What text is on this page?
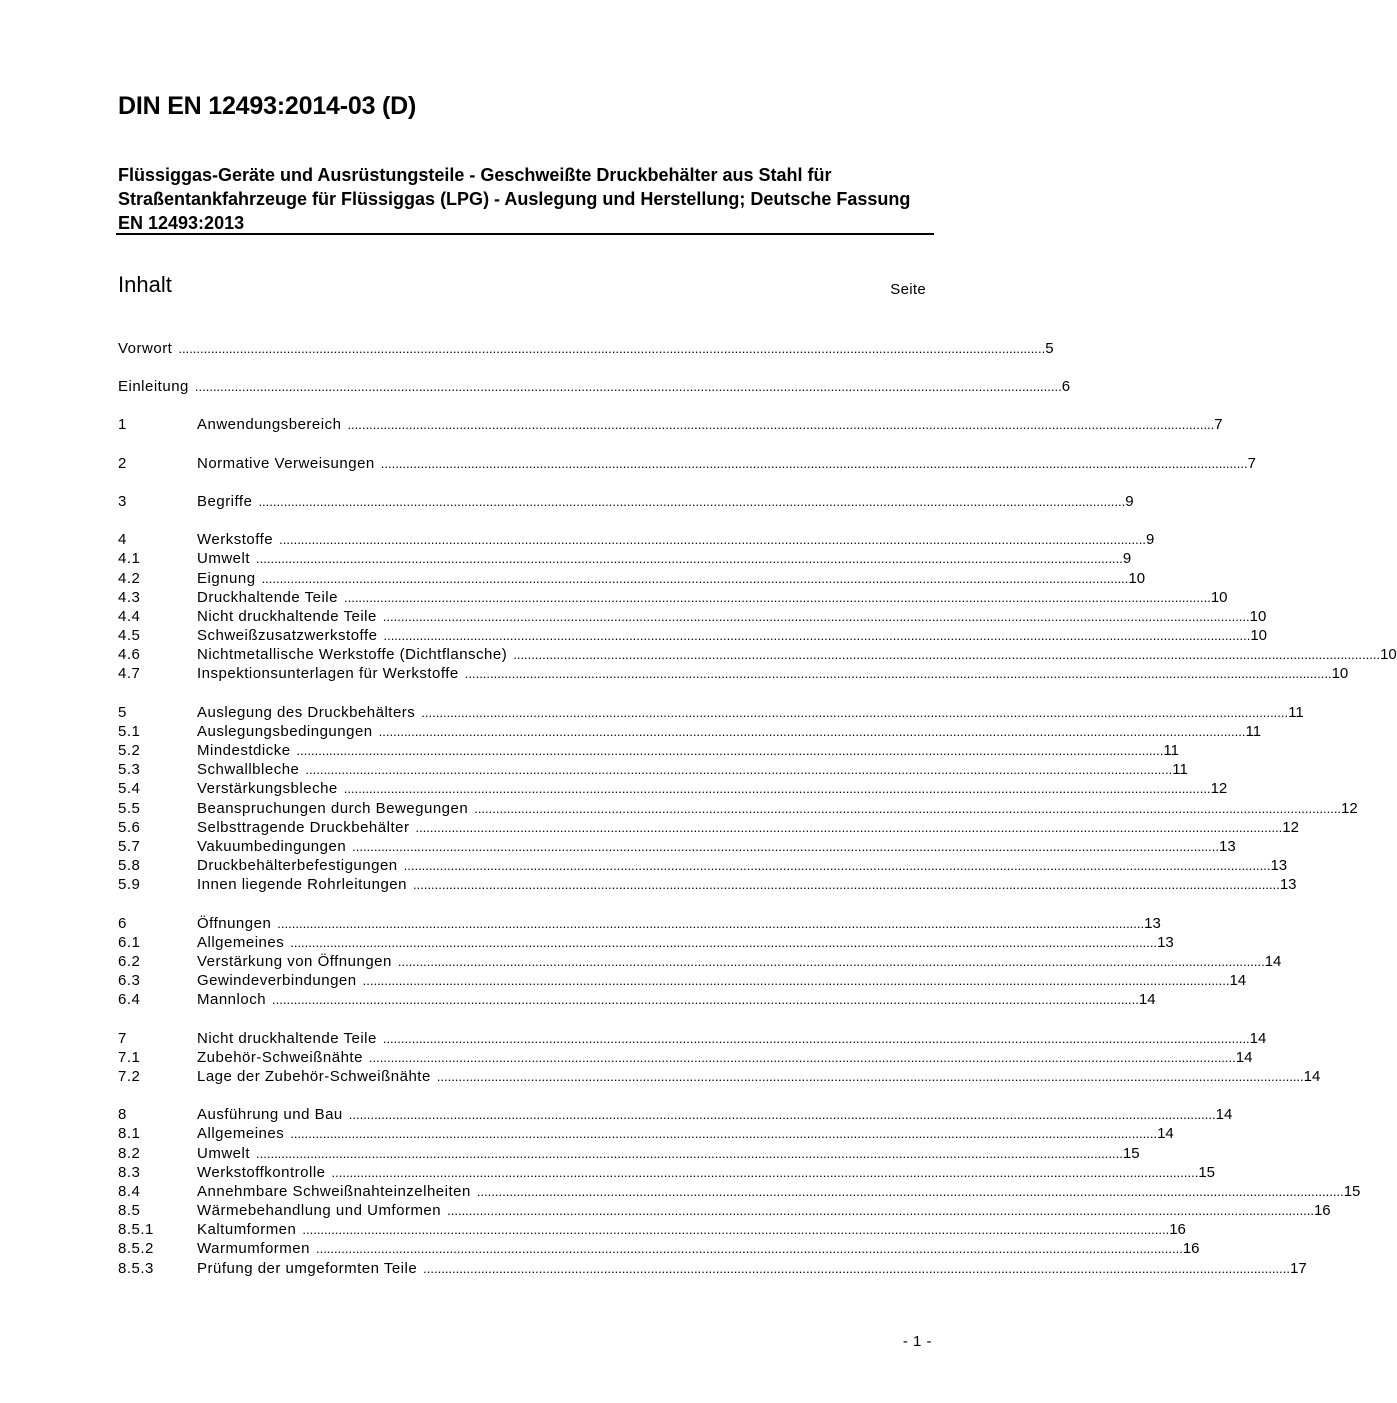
DIN EN 12493:2014-03 (D)
Flüssiggas-Geräte und Ausrüstungsteile - Geschweißte Druckbehälter aus Stahl für Straßentankfahrzeuge für Flüssiggas (LPG) - Auslegung und Herstellung; Deutsche Fassung EN 12493:2013
Inhalt	Seite
Vorwort .....	5
Einleitung .....	6
1	Anwendungsbereich .....	7
2	Normative Verweisungen .....	7
3	Begriffe .....	9
4	Werkstoffe .....	9
4.1	Umwelt .....	9
4.2	Eignung .....	10
4.3	Druckhaltende Teile .....	10
4.4	Nicht druckhaltende Teile .....	10
4.5	Schweißzusatzwerkstoffe .....	10
4.6	Nichtmetallische Werkstoffe (Dichtflansche) .....	10
4.7	Inspektionsunterlagen für Werkstoffe .....	10
5	Auslegung des Druckbehälters .....	11
5.1	Auslegungsbedingungen .....	11
5.2	Mindestdicke .....	11
5.3	Schwallbleche .....	11
5.4	Verstärkungsbleche .....	12
5.5	Beanspruchungen durch Bewegungen .....	12
5.6	Selbsttragende Druckbehälter .....	12
5.7	Vakuumbedingungen .....	13
5.8	Druckbehälterbefestigungen .....	13
5.9	Innen liegende Rohrleitungen .....	13
6	Öffnungen .....	13
6.1	Allgemeines .....	13
6.2	Verstärkung von Öffnungen .....	14
6.3	Gewindeverbindungen .....	14
6.4	Mannloch .....	14
7	Nicht druckhaltende Teile .....	14
7.1	Zubehör-Schweißnähte .....	14
7.2	Lage der Zubehör-Schweißnähte .....	14
8	Ausführung und Bau .....	14
8.1	Allgemeines .....	14
8.2	Umwelt .....	15
8.3	Werkstoffkontrolle .....	15
8.4	Annehmbare Schweißnahteinzelheiten .....	15
8.5	Wärmebehandlung und Umformen .....	16
8.5.1	Kaltumformen .....	16
8.5.2	Warmumformen .....	16
8.5.3	Prüfung der umgeformten Teile .....	17
- 1 -
